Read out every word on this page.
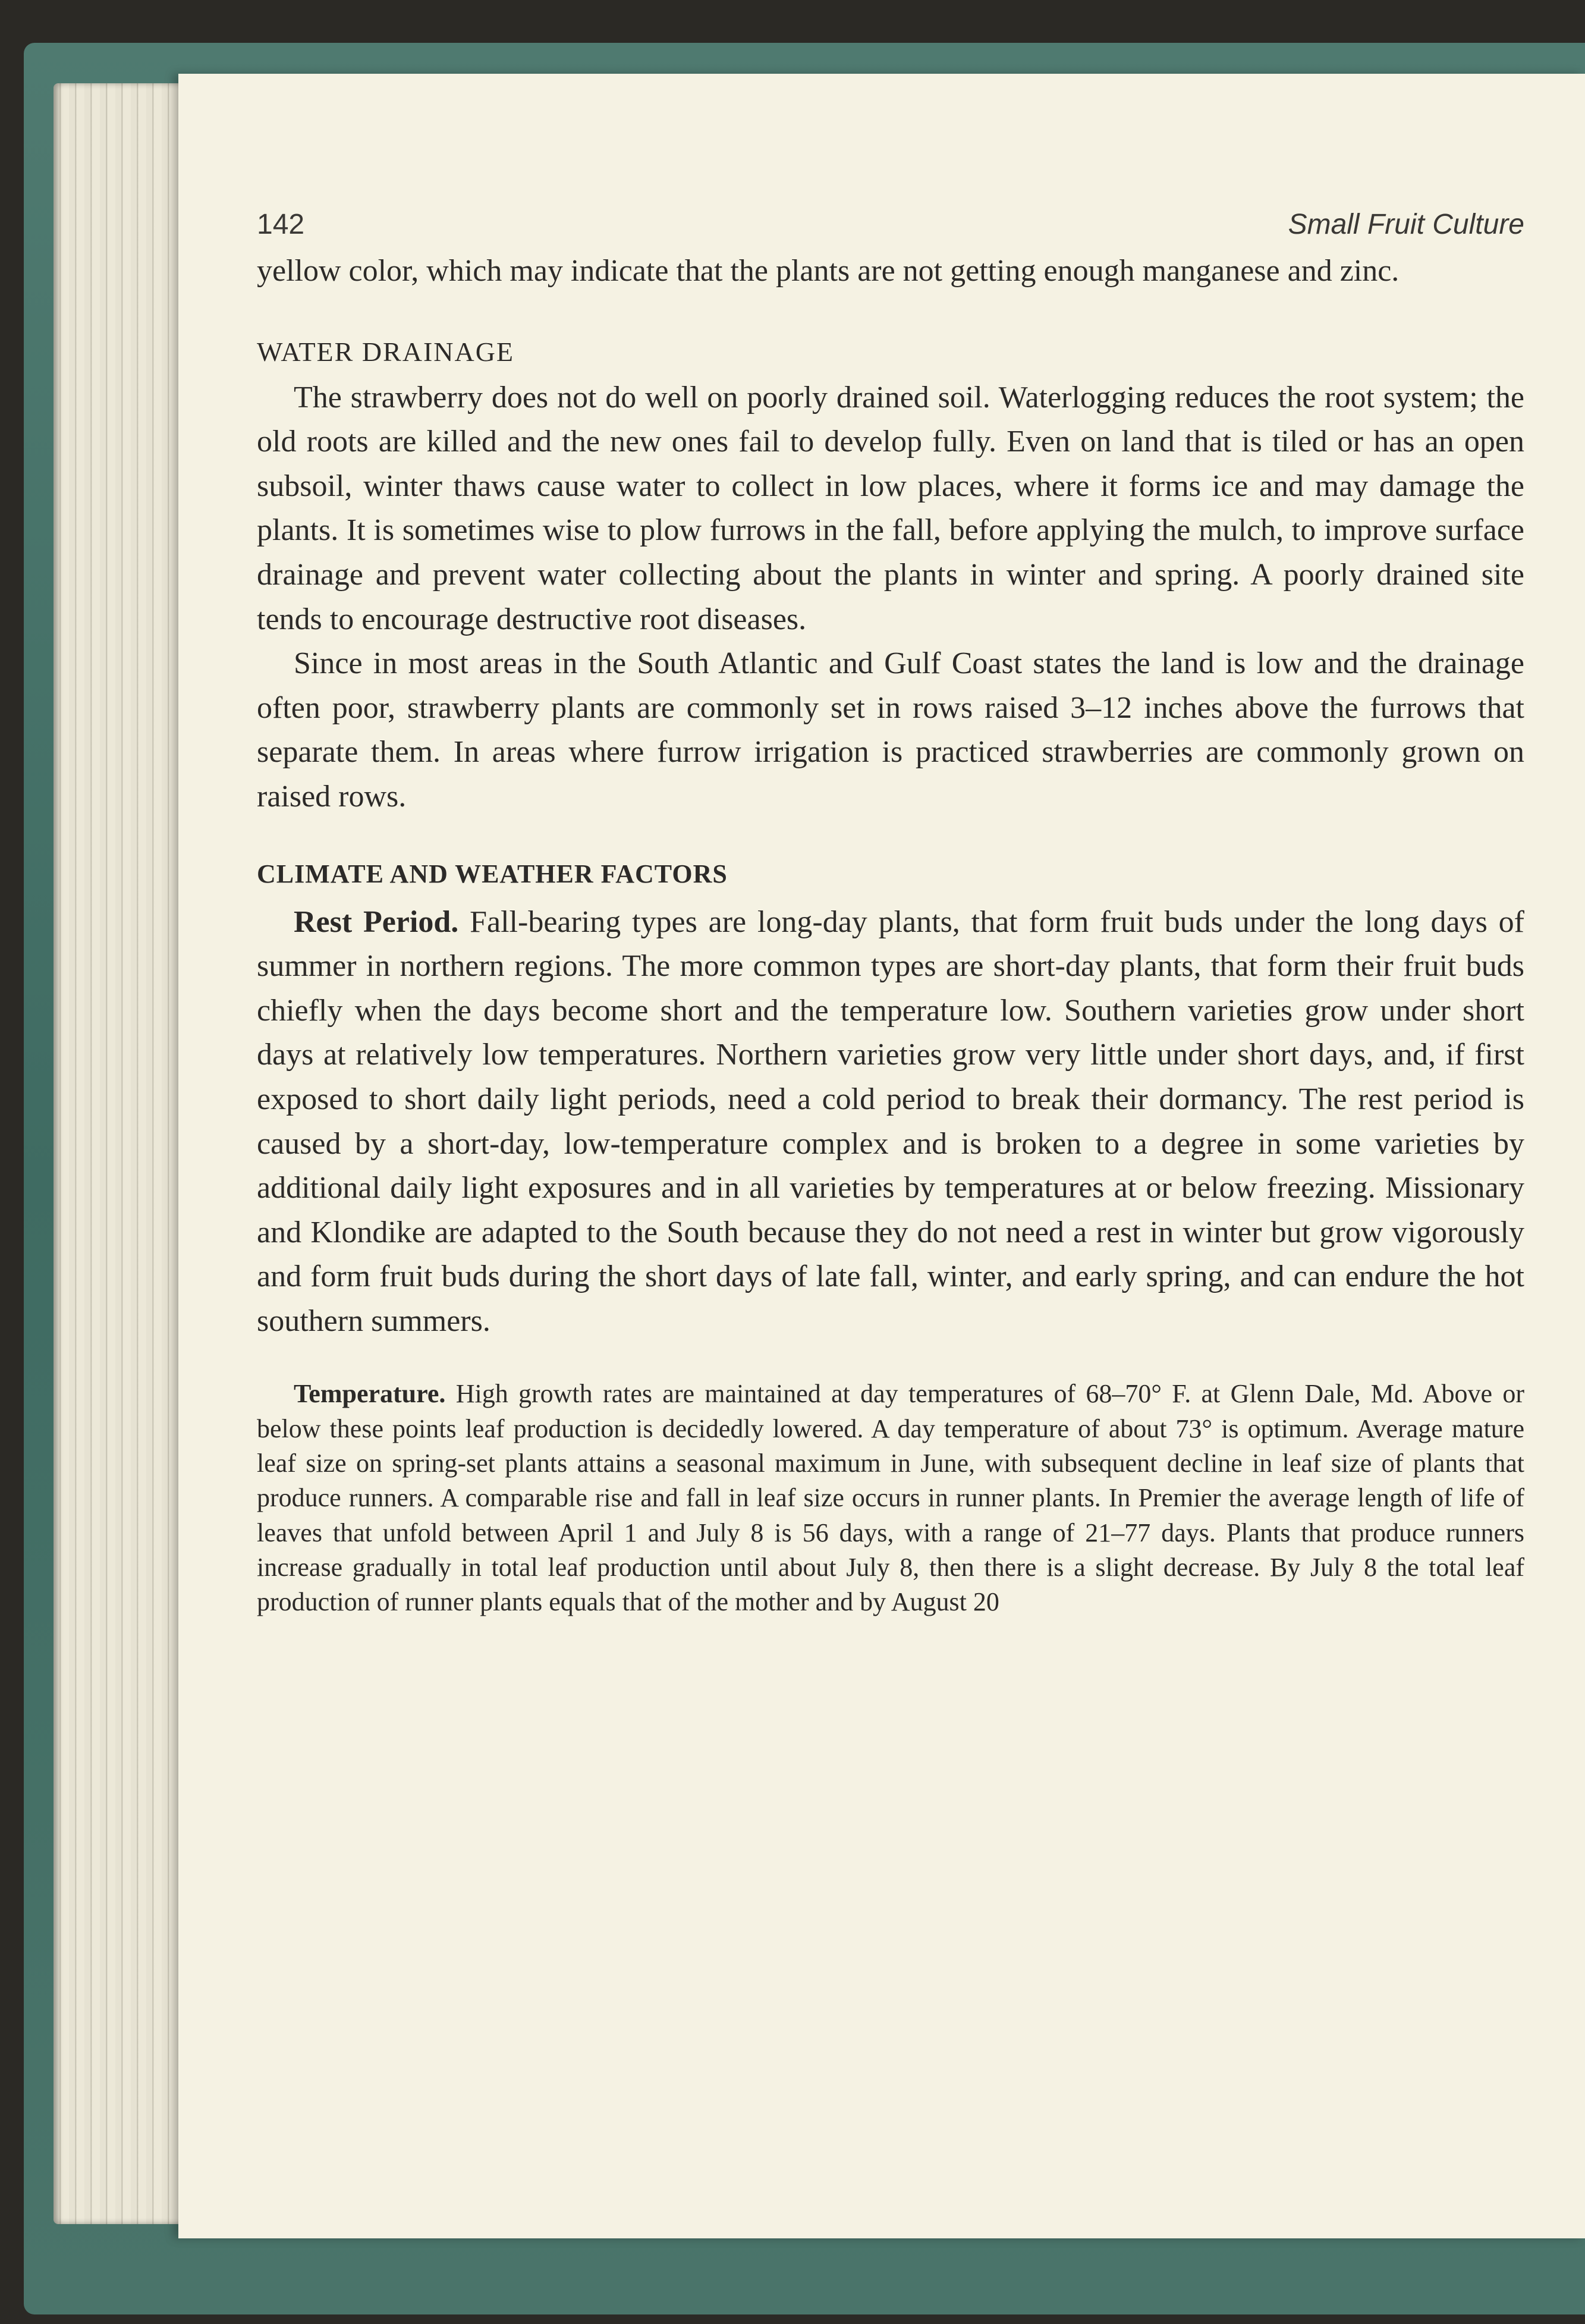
142	Small Fruit Culture

yellow color, which may indicate that the plants are not getting enough manganese and zinc.

WATER DRAINAGE

The strawberry does not do well on poorly drained soil. Waterlogging reduces the root system; the old roots are killed and the new ones fail to develop fully. Even on land that is tiled or has an open subsoil, winter thaws cause water to collect in low places, where it forms ice and may damage the plants. It is sometimes wise to plow furrows in the fall, before applying the mulch, to improve surface drainage and prevent water collecting about the plants in winter and spring. A poorly drained site tends to encourage destructive root diseases.

Since in most areas in the South Atlantic and Gulf Coast states the land is low and the drainage often poor, strawberry plants are commonly set in rows raised 3–12 inches above the furrows that separate them. In areas where furrow irrigation is practiced strawberries are commonly grown on raised rows.

CLIMATE AND WEATHER FACTORS

Rest Period. Fall-bearing types are long-day plants, that form fruit buds under the long days of summer in northern regions. The more common types are short-day plants, that form their fruit buds chiefly when the days become short and the temperature low. Southern varieties grow under short days at relatively low temperatures. Northern varieties grow very little under short days, and, if first exposed to short daily light periods, need a cold period to break their dormancy. The rest period is caused by a short-day, low-temperature complex and is broken to a degree in some varieties by additional daily light exposures and in all varieties by temperatures at or below freezing. Missionary and Klondike are adapted to the South because they do not need a rest in winter but grow vigorously and form fruit buds during the short days of late fall, winter, and early spring, and can endure the hot southern summers.

Temperature. High growth rates are maintained at day temperatures of 68–70° F. at Glenn Dale, Md. Above or below these points leaf production is decidedly lowered. A day temperature of about 73° is optimum. Average mature leaf size on spring-set plants attains a seasonal maximum in June, with subsequent decline in leaf size of plants that produce runners. A comparable rise and fall in leaf size occurs in runner plants. In Premier the average length of life of leaves that unfold between April 1 and July 8 is 56 days, with a range of 21–77 days. Plants that produce runners increase gradually in total leaf production until about July 8, then there is a slight decrease. By July 8 the total leaf production of runner plants equals that of the mother and by August 20
